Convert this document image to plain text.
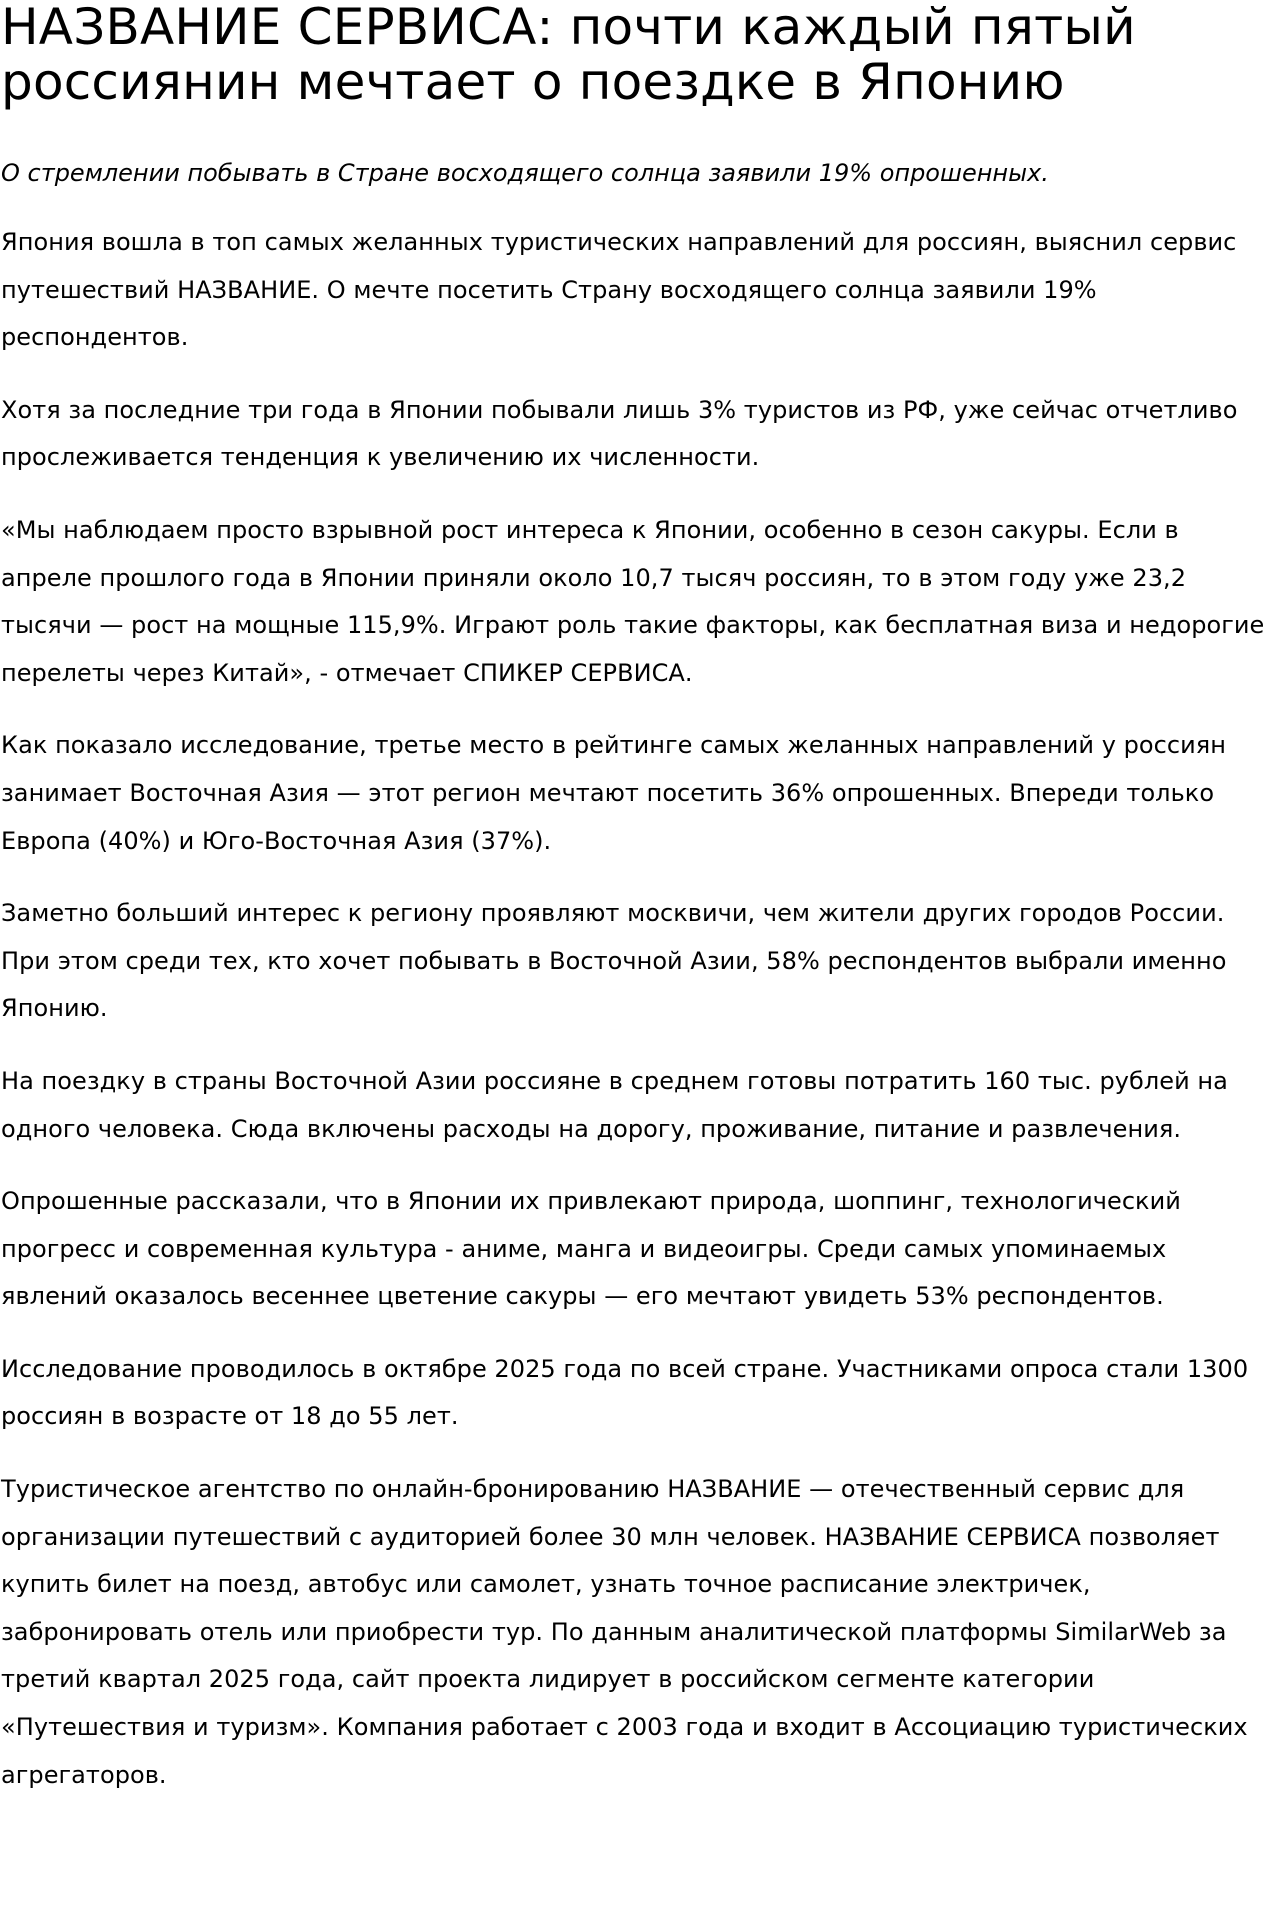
НАЗВАНИЕ СЕРВИСА: почти каждый пятый россиянин мечтает о поездке в Японию

О стремлении побывать в Стране восходящего солнца заявили 19% опрошенных.

Япония вошла в топ самых желанных туристических направлений для россиян, выяснил сервис путешествий НАЗВАНИЕ. О мечте посетить Страну восходящего солнца заявили 19% респондентов.

Хотя за последние три года в Японии побывали лишь 3% туристов из РФ, уже сейчас отчетливо прослеживается тенденция к увеличению их численности.

«Мы наблюдаем просто взрывной рост интереса к Японии, особенно в сезон сакуры. Если в апреле прошлого года в Японии приняли около 10,7 тысяч россиян, то в этом году уже 23,2 тысячи — рост на мощные 115,9%. Играют роль такие факторы, как бесплатная виза и недорогие перелеты через Китай», - отмечает СПИКЕР СЕРВИСА.

Как показало исследование, третье место в рейтинге самых желанных направлений у россиян занимает Восточная Азия — этот регион мечтают посетить 36% опрошенных. Впереди только Европа (40%) и Юго-Восточная Азия (37%).

Заметно больший интерес к региону проявляют москвичи, чем жители других городов России. При этом среди тех, кто хочет побывать в Восточной Азии, 58% респондентов выбрали именно Японию.

На поездку в страны Восточной Азии россияне в среднем готовы потратить 160 тыс. рублей на одного человека. Сюда включены расходы на дорогу, проживание, питание и развлечения.

Опрошенные рассказали, что в Японии их привлекают природа, шоппинг, технологический прогресс и современная культура - аниме, манга и видеоигры. Среди самых упоминаемых явлений оказалось весеннее цветение сакуры — его мечтают увидеть 53% респондентов.

Исследование проводилось в октябре 2025 года по всей стране. Участниками опроса стали 1300 россиян в возрасте от 18 до 55 лет.

Туристическое агентство по онлайн-бронированию НАЗВАНИЕ — отечественный сервис для организации путешествий с аудиторией более 30 млн человек. НАЗВАНИЕ СЕРВИСА позволяет купить билет на поезд, автобус или самолет, узнать точное расписание электричек, забронировать отель или приобрести тур. По данным аналитической платформы SimilarWeb за третий квартал 2025 года, сайт проекта лидирует в российском сегменте категории «Путешествия и туризм». Компания работает с 2003 года и входит в Ассоциацию туристических агрегаторов.
